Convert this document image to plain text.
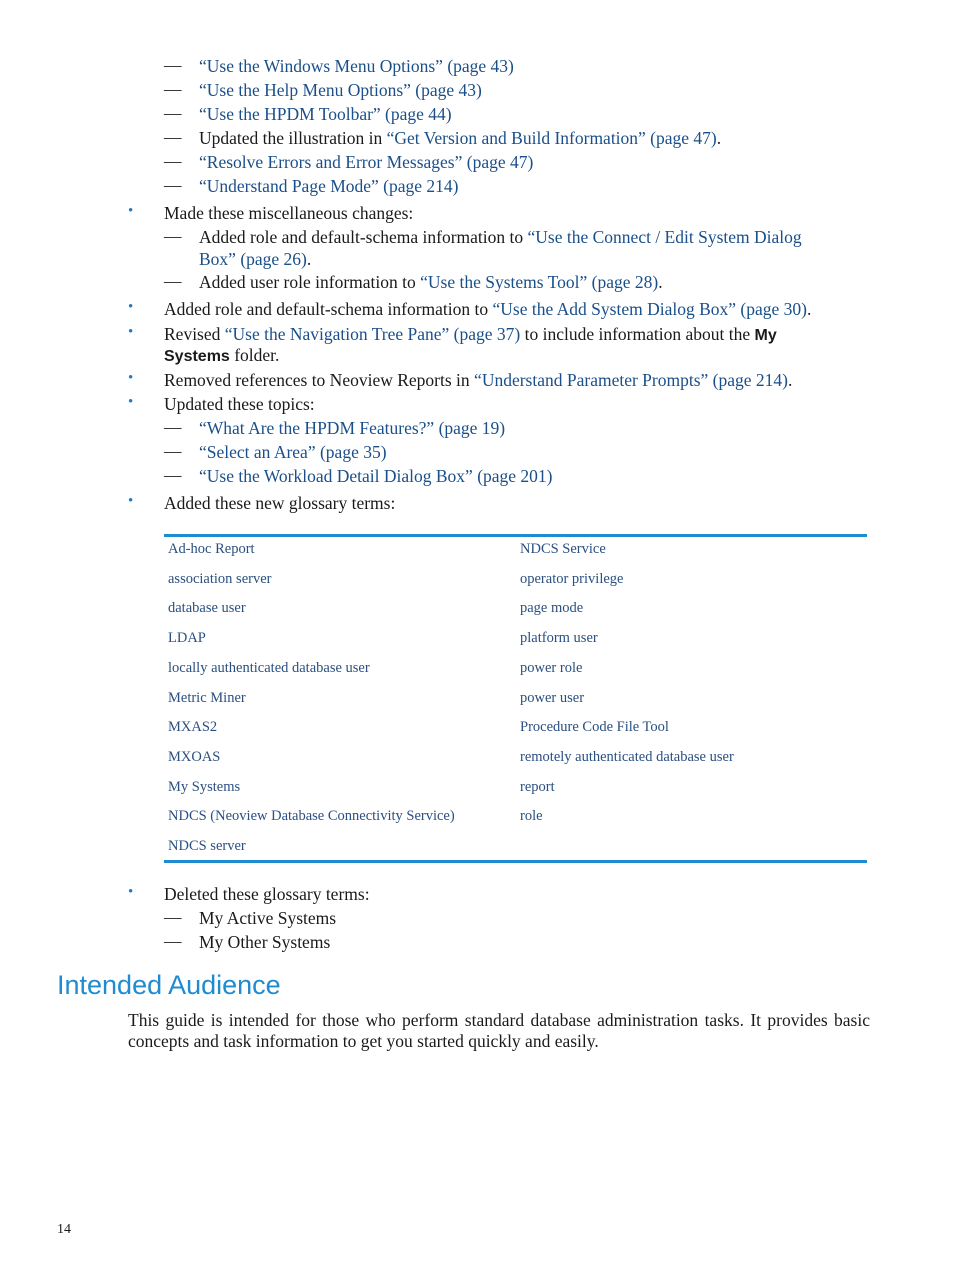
— “Use the Windows Menu Options” (page 43)
— “Use the Help Menu Options” (page 43)
— “Use the HPDM Toolbar” (page 44)
— Updated the illustration in “Get Version and Build Information” (page 47).
— “Resolve Errors and Error Messages” (page 47)
— “Understand Page Mode” (page 214)
• Made these miscellaneous changes:
— Added role and default-schema information to “Use the Connect / Edit System Dialog
Box” (page 26).
— Added user role information to “Use the Systems Tool” (page 28).
• Added role and default-schema information to “Use the Add System Dialog Box” (page 30).
• Revised “Use the Navigation Tree Pane” (page 37) to include information about the My
Systems folder.
• Removed references to Neoview Reports in “Understand Parameter Prompts” (page 214).
• Updated these topics:
— “What Are the HPDM Features?” (page 19)
— “Select an Area” (page 35)
— “Use the Workload Detail Dialog Box” (page 201)
• Added these new glossary terms:
Ad-hoc Report
association server
database user
LDAP
locally authenticated database user
Metric Miner
MXAS2
MXOAS
My Systems
NDCS (Neoview Database Connectivity Service)
NDCS server
NDCS Service
operator privilege
page mode
platform user
power role
power user
Procedure Code File Tool
remotely authenticated database user
report
role
• Deleted these glossary terms:
— My Active Systems
— My Other Systems
Intended Audience
This guide is intended for those who perform standard database administration tasks. It provides basic concepts and task information to get you started quickly and easily.
14
